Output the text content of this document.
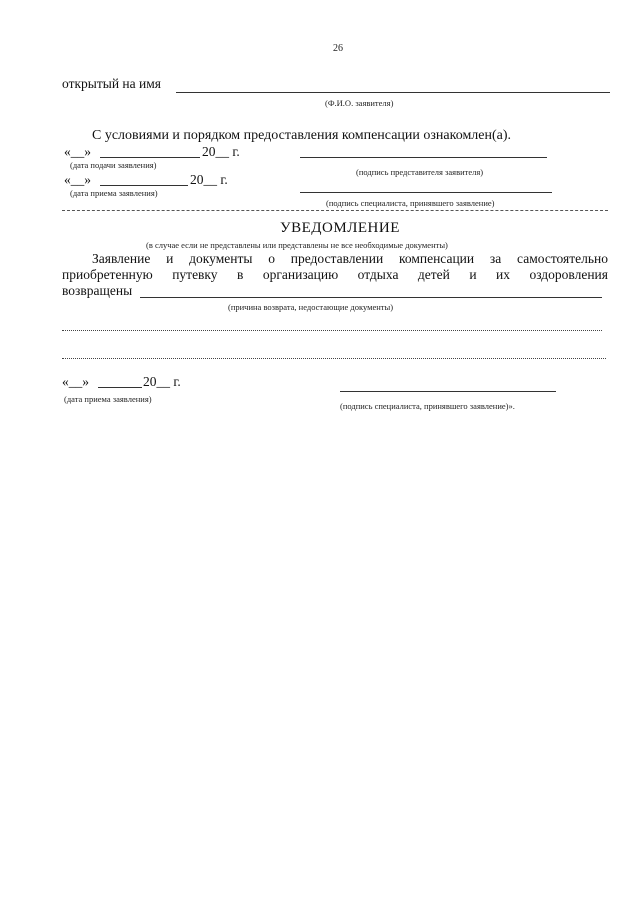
26
открытый на имя
(Ф.И.О. заявителя)
С условиями и порядком предоставления компенсации ознакомлен(а).
«__»	20__ г.
(дата подачи заявления)
(подпись представителя заявителя)
«__»	20__ г.
(дата приема заявления)
(подпись специалиста, принявшего заявление)
УВЕДОМЛЕНИЕ
(в случае если не представлены или представлены не все необходимые документы)
Заявление и документы о предоставлении компенсации за самостоятельно
приобретенную путевку в организацию отдыха детей и их оздоровления
возвращены
(причина возврата, недостающие документы)
«__»	20__ г.
(дата приема заявления)
(подпись специалиста, принявшего заявление)».
